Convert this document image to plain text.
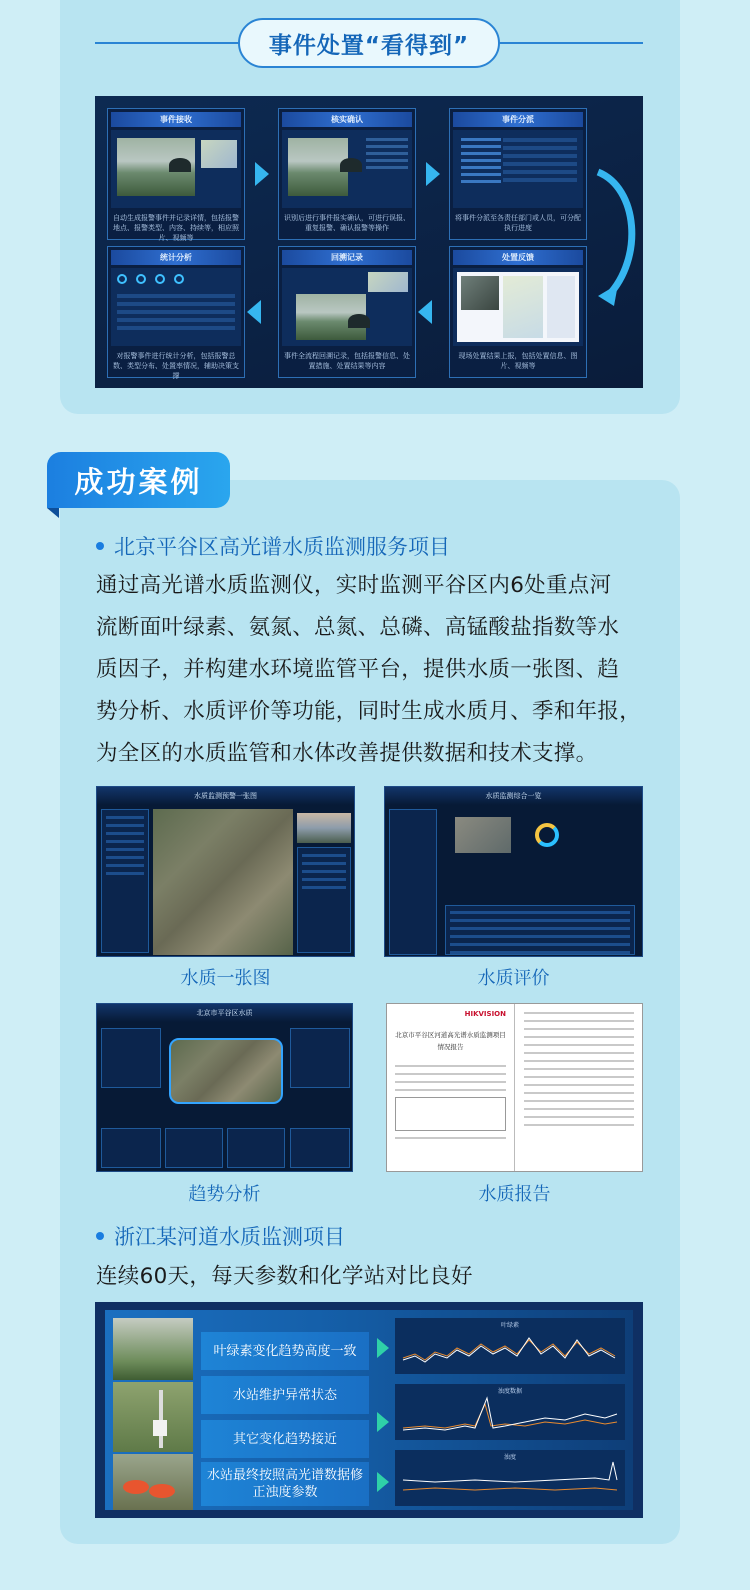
事件处置“看得到”
事件接收
自动生成报警事件并记录详情，包括报警地点、报警类型、内容、持续等，相应照片、视频等
核实确认
识别后进行事件报实确认，可进行误报、重复报警、确认报警等操作
事件分派
将事件分派至各责任部门或人员，可分配执行进度
统计分析
对报警事件进行统计分析，包括报警总数、类型分布、处置率情况，辅助决策支撑
回溯记录
事件全流程回溯记录，包括报警信息、处置措施、处置结果等内容
处置反馈
现场处置结果上报，包括处置信息、图片、视频等
成功案例
北京平谷区高光谱水质监测服务项目
通过高光谱水质监测仪，实时监测平谷区内6处重点河
流断面叶绿素、氨氮、总氮、总磷、高锰酸盐指数等水
质因子，并构建水环境监管平台，提供水质一张图、趋
势分析、水质评价等功能，同时生成水质月、季和年报，
为全区的水质监管和水体改善提供数据和技术支撑。
水质监测预警一张图
水质一张图
水质监测综合一览
水质评价
北京市平谷区水质
趋势分析
HIKVISION
北京市平谷区河道高光谱水质监测项目
情况报告
水质报告
浙江某河道水质监测项目
连续60天，每天参数和化学站对比良好
叶绿素变化趋势高度一致
水站维护异常状态
其它变化趋势接近
水站最终按照高光谱数据修正浊度参数
叶绿素
浊度数据
浊度
